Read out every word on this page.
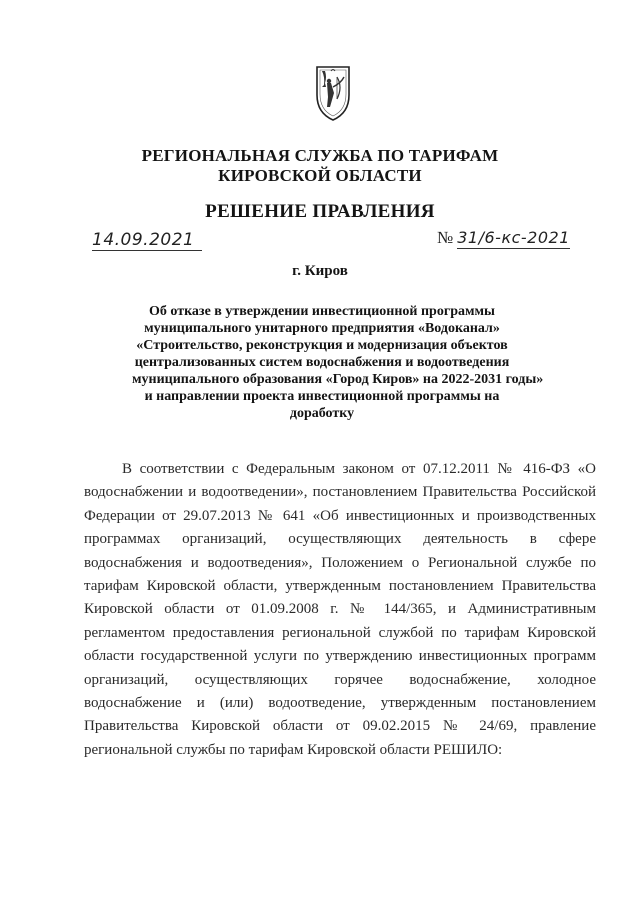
РЕГИОНАЛЬНАЯ СЛУЖБА ПО ТАРИФАМ
КИРОВСКОЙ ОБЛАСТИ
РЕШЕНИЕ ПРАВЛЕНИЯ
14.09.2021	№ 31/6-кс-2021
г. Киров
Об отказе в утверждении инвестиционной программы
муниципального унитарного предприятия «Водоканал»
«Строительство, реконструкция и модернизация объектов
централизованных систем водоснабжения и водоотведения
муниципального образования «Город Киров» на 2022-2031 годы»
и направлении проекта инвестиционной программы на
доработку
В соответствии с Федеральным законом от 07.12.2011 № 416-ФЗ «О
водоснабжении и водоотведении», постановлением Правительства Российской
Федерации от 29.07.2013 № 641 «Об инвестиционных и производственных
программах организаций, осуществляющих деятельность в сфере
водоснабжения и водоотведения», Положением о Региональной службе по
тарифам Кировской области, утвержденным постановлением Правительства
Кировской области от 01.09.2008 г. № 144/365, и Административным
регламентом предоставления региональной службой по тарифам Кировской
области государственной услуги по утверждению инвестиционных программ
организаций, осуществляющих горячее водоснабжение, холодное
водоснабжение и (или) водоотведение, утвержденным постановлением
Правительства Кировской области от 09.02.2015 № 24/69, правление
региональной службы по тарифам Кировской области РЕШИЛО:
